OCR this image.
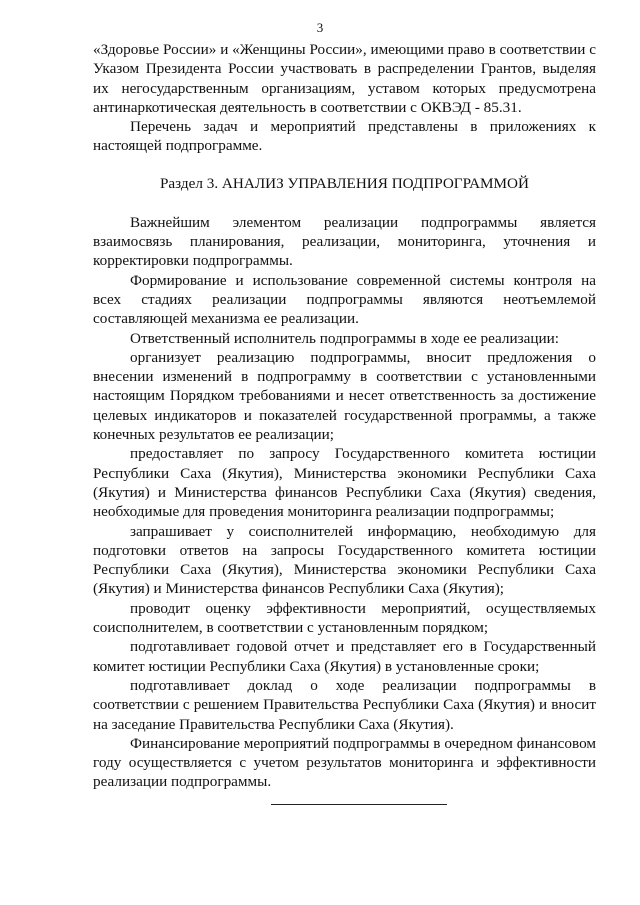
3

«Здоровье России» и «Женщины России», имеющими право в соответствии с Указом Президента России участвовать в распределении Грантов, выделяя их негосударственным организациям, уставом которых предусмотрена антинаркотическая деятельность в соответствии с ОКВЭД - 85.31.

Перечень задач и мероприятий представлены в приложениях к настоящей подпрограмме.

Раздел 3. АНАЛИЗ УПРАВЛЕНИЯ ПОДПРОГРАММОЙ

Важнейшим элементом реализации подпрограммы является взаимосвязь планирования, реализации, мониторинга, уточнения и корректировки подпрограммы.

Формирование и использование современной системы контроля на всех стадиях реализации подпрограммы являются неотъемлемой составляющей механизма ее реализации.

Ответственный исполнитель подпрограммы в ходе ее реализации:

организует реализацию подпрограммы, вносит предложения о внесении изменений в подпрограмму в соответствии с установленными настоящим Порядком требованиями и несет ответственность за достижение целевых индикаторов и показателей государственной программы, а также конечных результатов ее реализации;

предоставляет по запросу Государственного комитета юстиции Республики Саха (Якутия), Министерства экономики Республики Саха (Якутия) и Министерства финансов Республики Саха (Якутия) сведения, необходимые для проведения мониторинга реализации подпрограммы;

запрашивает у соисполнителей информацию, необходимую для подготовки ответов на запросы Государственного комитета юстиции Республики Саха (Якутия), Министерства экономики Республики Саха (Якутия) и Министерства финансов Республики Саха (Якутия);

проводит оценку эффективности мероприятий, осуществляемых соисполнителем, в соответствии с установленным порядком;

подготавливает годовой отчет и представляет его в Государственный комитет юстиции Республики Саха (Якутия) в установленные сроки;

подготавливает доклад о ходе реализации подпрограммы в соответствии с решением Правительства Республики Саха (Якутия) и вносит на заседание Правительства Республики Саха (Якутия).

Финансирование мероприятий подпрограммы в очередном финансовом году осуществляется с учетом результатов мониторинга и эффективности реализации подпрограммы.
